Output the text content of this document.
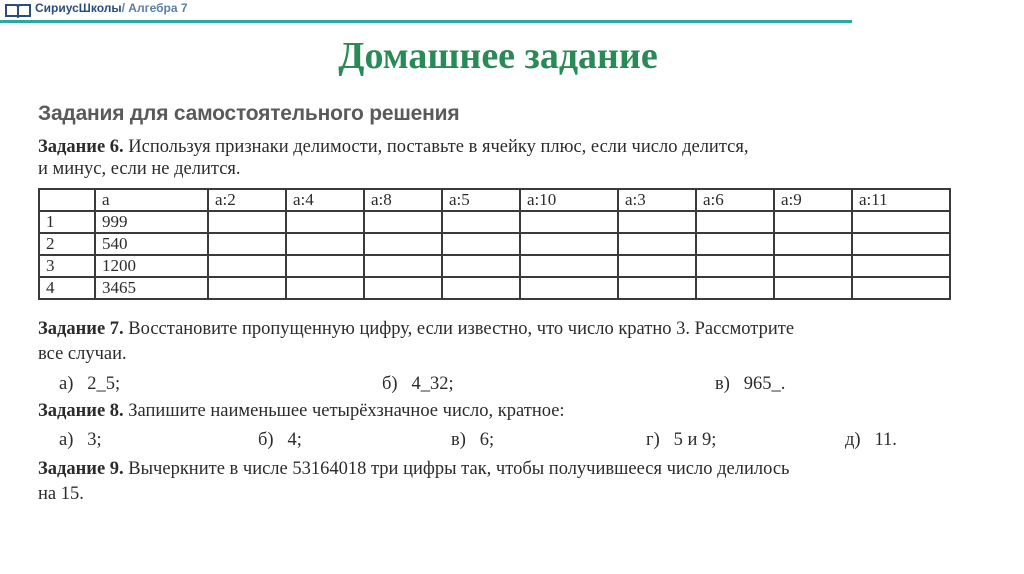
СириусШколы/ Алгебра 7
Домашнее задание
Задания для самостоятельного решения
Задание 6. Используя признаки делимости, поставьте в ячейку плюс, если число делится,
и минус, если не делится.
	a	a:2	a:4	a:8	a:5	a:10	a:3	a:6	a:9	a:11
1	999									
2	540									
3	1200									
4	3465									
Задание 7. Восстановите пропущенную цифру, если известно, что число кратно 3. Рассмотрите
все случаи.
а) 2_5;	б) 4_32;	в) 965_.
Задание 8. Запишите наименьшее четырёхзначное число, кратное:
а) 3;	б) 4;	в) 6;	г) 5 и 9;	д) 11.
Задание 9. Вычеркните в числе 53164018 три цифры так, чтобы получившееся число делилось
на 15.
